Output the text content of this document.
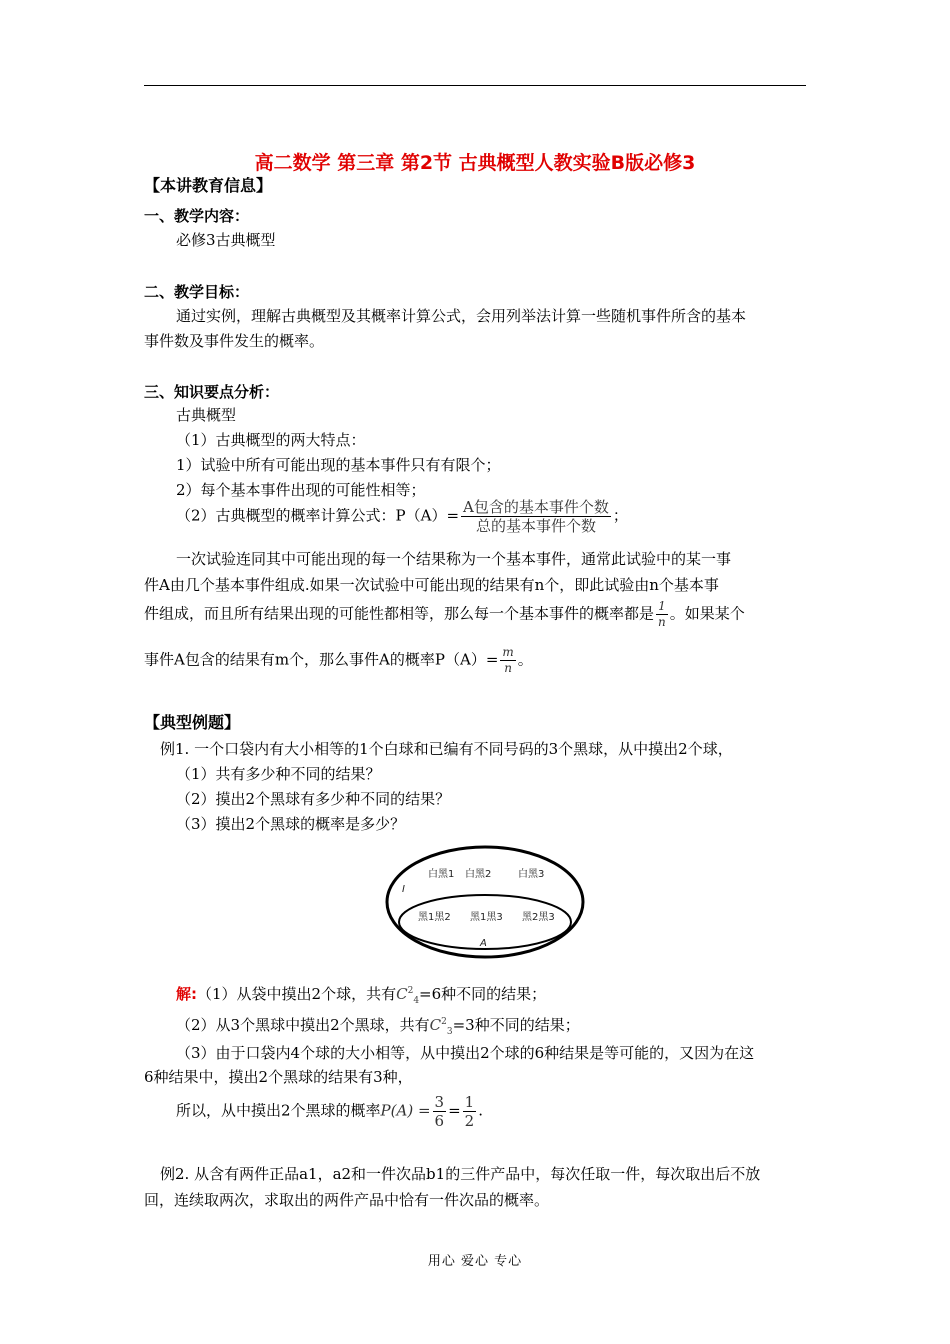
高二数学 第三章 第2节 古典概型人教实验B版必修3
【本讲教育信息】
一、教学内容：
必修3古典概型
二、教学目标：
通过实例，理解古典概型及其概率计算公式，会用列举法计算一些随机事件所含的基本
事件数及事件发生的概率。
三、知识要点分析：
古典概型
（1）古典概型的两大特点：
1）试验中所有可能出现的基本事件只有有限个；
2）每个基本事件出现的可能性相等；
（2）古典概型的概率计算公式：$P(A)= \frac{\text{A包含的基本事件个数}}{\text{总的基本事件个数}}$ ；
一次试验连同其中可能出现的每一个结果称为一个基本事件，通常此试验中的某一事
件A由几个基本事件组成.如果一次试验中可能出现的结果有n个，即此试验由n个基本事
件组成，而且所有结果出现的可能性都相等，那么每一个基本事件的概率都是 $\frac{1}{n}$ 。如果某个
事件A包含的结果有m个，那么事件A的概率$P(A)= \frac{m}{n}$ 。
【典型例题】
例1. 一个口袋内有大小相等的1个白球和已编有不同号码的3个黑球，从中摸出2个球，
（1）共有多少种不同的结果？
（2）摸出2个黑球有多少种不同的结果？
（3）摸出2个黑球的概率是多少？
I
白黑1 白黑2	白黑3
黑1黑2 黑1黑3 黑2黑3
A
解:（1）从袋中摸出2个球，共有$C^2_4=6$种不同的结果；
（2）从3个黑球中摸出2个黑球，共有$C^2_3=3$种不同的结果；
（3）由于口袋内4个球的大小相等，从中摸出2个球的6种结果是等可能的，又因为在这
6种结果中，摸出2个黑球的结果有3种，
所以，从中摸出2个黑球的概率$P(A) = \frac{3}{6} = \frac{1}{2}$ .
例2. 从含有两件正品a1，a2和一件次品b1的三件产品中，每次任取一件，每次取出后不放
回，连续取两次，求取出的两件产品中恰有一件次品的概率。
用心 爱心 专心
